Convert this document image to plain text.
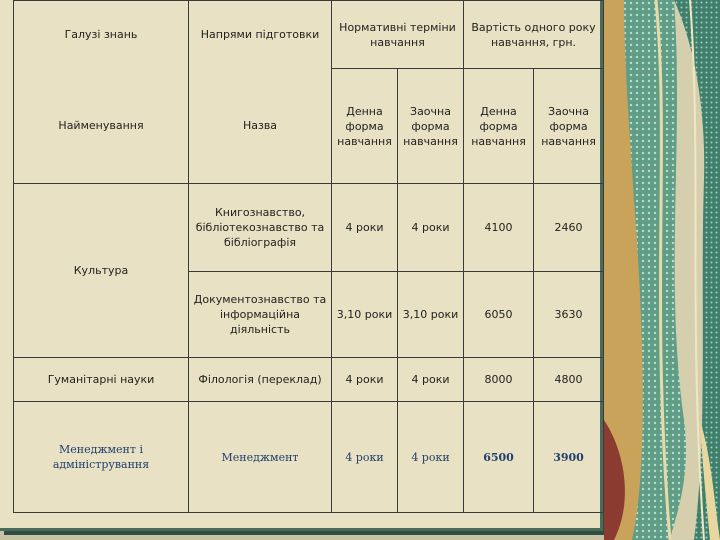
Галузі знань	Напрями підготовки	Нормативні терміни навчання		Вартість одного року навчання, грн.	
Найменування	Назва	Денна форма навчання	Заочна форма навчання	Денна форма навчання	Заочна форма навчання
Культура	Книгознавство, бібліотекознавство та бібліографія	4 роки	4 роки	4100	2460
	Документознавство та інформаційна діяльність	3,10 роки	3,10 роки	6050	3630
Гуманітарні науки	Філологія (переклад)	4 роки	4 роки	8000	4800
Менеджмент і адміністрування	Менеджмент	4 роки	4 роки	6500	3900
